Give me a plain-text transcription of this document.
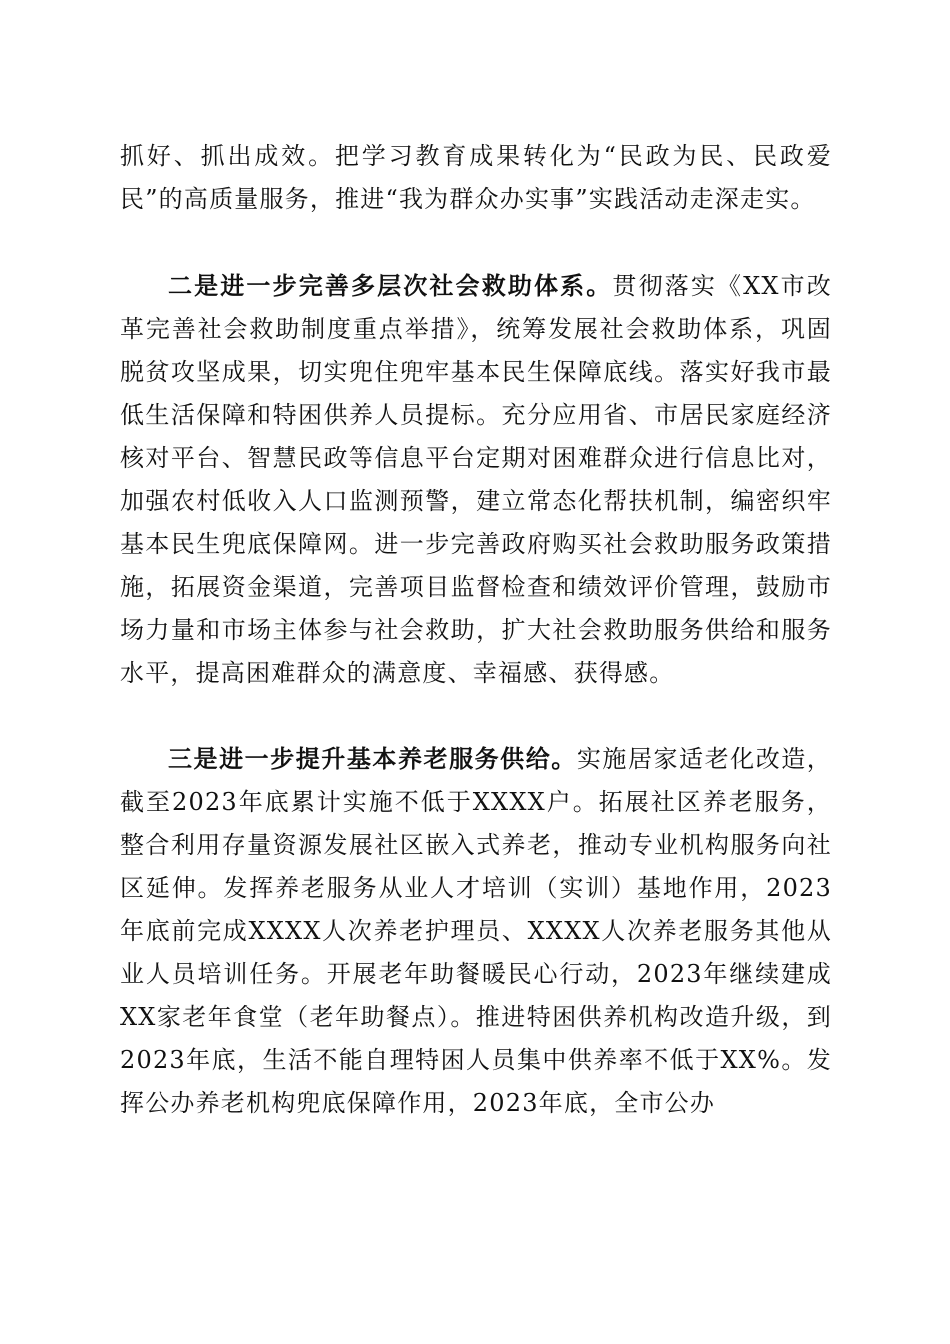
抓好、抓出成效。把学习教育成果转化为“民政为民、民政爱民”的高质量服务，推进“我为群众办实事”实践活动走深走实。

二是进一步完善多层次社会救助体系。贯彻落实《XX市改革完善社会救助制度重点举措》，统筹发展社会救助体系，巩固脱贫攻坚成果，切实兜住兜牢基本民生保障底线。落实好我市最低生活保障和特困供养人员提标。充分应用省、市居民家庭经济核对平台、智慧民政等信息平台定期对困难群众进行信息比对，加强农村低收入人口监测预警，建立常态化帮扶机制，编密织牢基本民生兜底保障网。进一步完善政府购买社会救助服务政策措施，拓展资金渠道，完善项目监督检查和绩效评价管理，鼓励市场力量和市场主体参与社会救助，扩大社会救助服务供给和服务水平，提高困难群众的满意度、幸福感、获得感。

三是进一步提升基本养老服务供给。实施居家适老化改造，截至2023年底累计实施不低于XXXX户。拓展社区养老服务，整合利用存量资源发展社区嵌入式养老，推动专业机构服务向社区延伸。发挥养老服务从业人才培训（实训）基地作用，2023年底前完成XXXX人次养老护理员、XXXX人次养老服务其他从业人员培训任务。开展老年助餐暖民心行动，2023年继续建成XX家老年食堂（老年助餐点）。推进特困供养机构改造升级，到2023年底，生活不能自理特困人员集中供养率不低于XX%。发挥公办养老机构兜底保障作用，2023年底，全市公办
